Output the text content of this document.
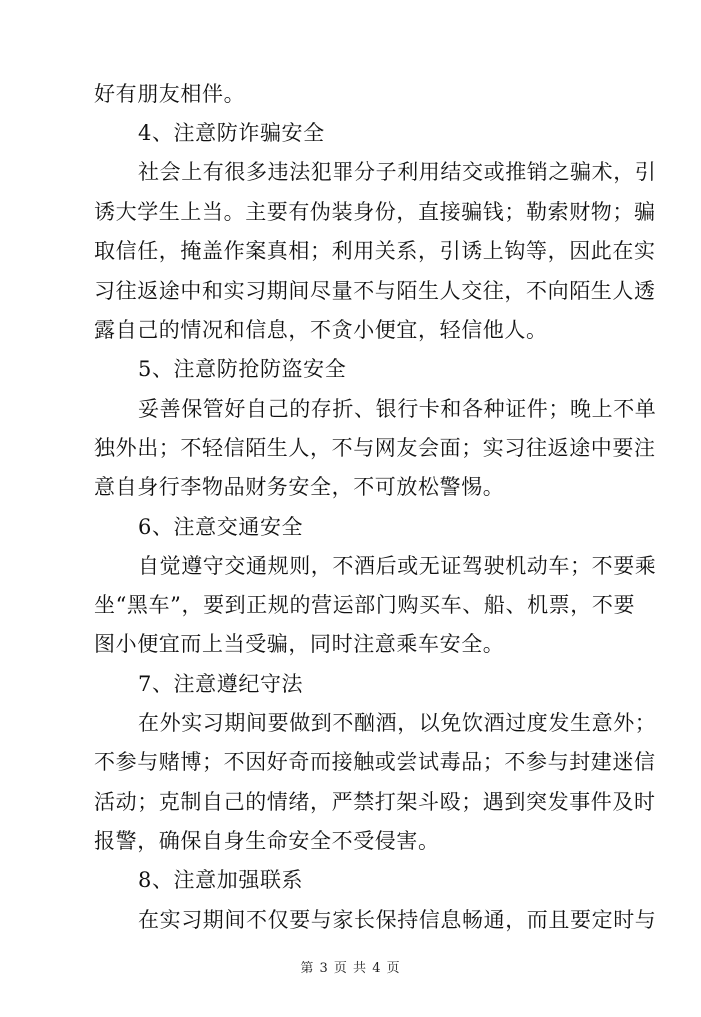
好有朋友相伴。
4、注意防诈骗安全
社会上有很多违法犯罪分子利用结交或推销之骗术，引
诱大学生上当。主要有伪装身份，直接骗钱；勒索财物；骗
取信任，掩盖作案真相；利用关系，引诱上钩等，因此在实
习往返途中和实习期间尽量不与陌生人交往，不向陌生人透
露自己的情况和信息，不贪小便宜，轻信他人。
5、注意防抢防盗安全
妥善保管好自己的存折、银行卡和各种证件；晚上不单
独外出；不轻信陌生人，不与网友会面；实习往返途中要注
意自身行李物品财务安全，不可放松警惕。
6、注意交通安全
自觉遵守交通规则，不酒后或无证驾驶机动车；不要乘
坐“黑车”，要到正规的营运部门购买车、船、机票，不要
图小便宜而上当受骗，同时注意乘车安全。
7、注意遵纪守法
在外实习期间要做到不酗酒，以免饮酒过度发生意外；
不参与赌博；不因好奇而接触或尝试毒品；不参与封建迷信
活动；克制自己的情绪，严禁打架斗殴；遇到突发事件及时
报警，确保自身生命安全不受侵害。
8、注意加强联系
在实习期间不仅要与家长保持信息畅通，而且要定时与
第 3 页 共 4 页
